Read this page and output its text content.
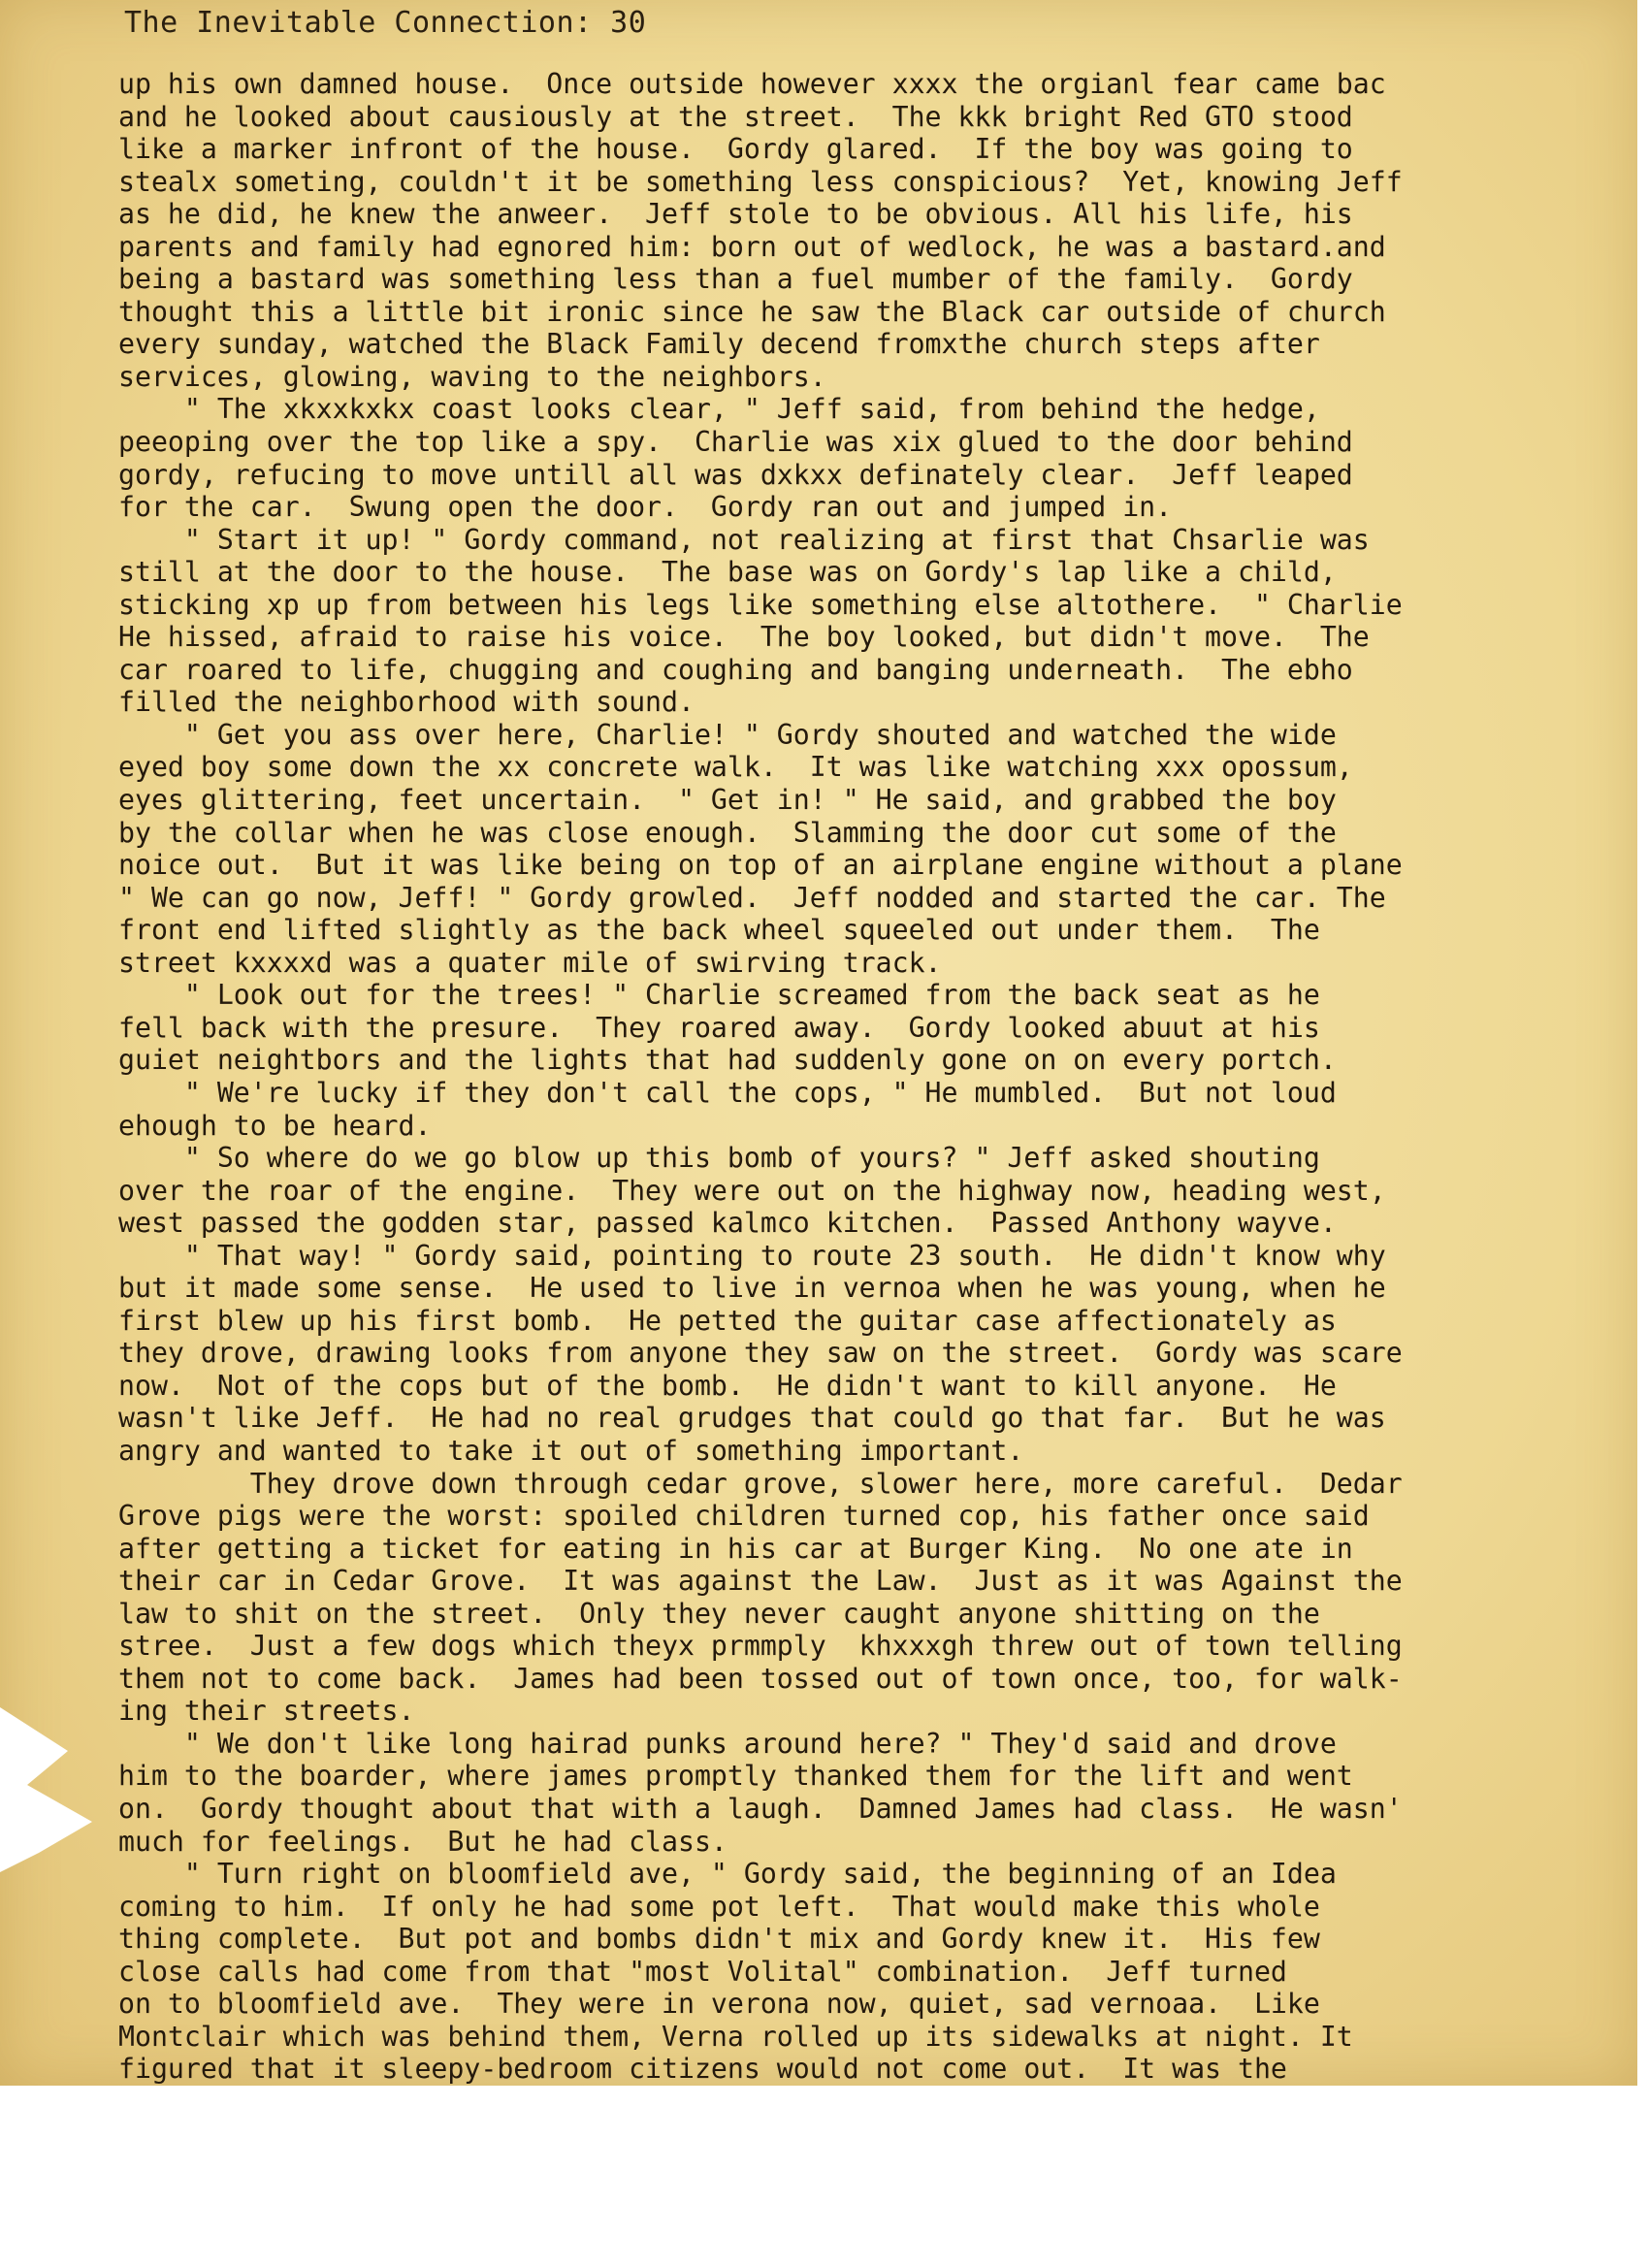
The Inevitable Connection: 30

up his own damned house.  Once outside however xxxx the orgianl fear came bac
and he looked about causiously at the street.  The kkk bright Red GTO stood
like a marker infront of the house.  Gordy glared.  If the boy was going to
stealx someting, couldn't it be something less conspicious?  Yet, knowing Jeff
as he did, he knew the anweer.  Jeff stole to be obvious. All his life, his
parents and family had egnored him: born out of wedlock, he was a bastard.and
being a bastard was something less than a fuel mumber of the family.  Gordy
thought this a little bit ironic since he saw the Black car outside of church
every sunday, watched the Black Family decend fromxthe church steps after
services, glowing, waving to the neighbors.
" The xkxxkxkx coast looks clear, " Jeff said, from behind the hedge,
peeoping over the top like a spy.  Charlie was xix glued to the door behind
gordy, refucing to move untill all was dxkxx definately clear.  Jeff leaped
for the car.  Swung open the door.  Gordy ran out and jumped in.
" Start it up! " Gordy command, not realizing at first that Chsarlie was
still at the door to the house.  The base was on Gordy's lap like a child,
sticking xp up from between his legs like something else altothere.  " Charlie
He hissed, afraid to raise his voice.  The boy looked, but didn't move.  The
car roared to life, chugging and coughing and banging underneath.  The ebho
filled the neighborhood with sound.
" Get you ass over here, Charlie! " Gordy shouted and watched the wide
eyed boy some down the xx concrete walk.  It was like watching xxx opossum,
eyes glittering, feet uncertain.  " Get in! " He said, and grabbed the boy
by the collar when he was close enough.  Slamming the door cut some of the
noice out.  But it was like being on top of an airplane engine without a plane
" We can go now, Jeff! " Gordy growled.  Jeff nodded and started the car. The
front end lifted slightly as the back wheel squeeled out under them.  The
street kxxxxd was a quater mile of swirving track.
" Look out for the trees! " Charlie screamed from the back seat as he
fell back with the presure.  They roared away.  Gordy looked abuut at his
guiet neightbors and the lights that had suddenly gone on on every portch.
" We're lucky if they don't call the cops, " He mumbled.  But not loud
ehough to be heard.
" So where do we go blow up this bomb of yours? " Jeff asked shouting
over the roar of the engine.  They were out on the highway now, heading west,
west passed the godden star, passed kalmco kitchen.  Passed Anthony wayve.
" That way! " Gordy said, pointing to route 23 south.  He didn't know why
but it made some sense.  He used to live in vernoa when he was young, when he
first blew up his first bomb.  He petted the guitar case affectionately as
they drove, drawing looks from anyone they saw on the street.  Gordy was scare
now.  Not of the cops but of the bomb.  He didn't want to kill anyone.  He
wasn't like Jeff.  He had no real grudges that could go that far.  But he was
angry and wanted to take it out of something important.
They drove down through cedar grove, slower here, more careful.  Dedar
Grove pigs were the worst: spoiled children turned cop, his father once said
after getting a ticket for eating in his car at Burger King.  No one ate in
their car in Cedar Grove.  It was against the Law.  Just as it was Against the
law to shit on the street.  Only they never caught anyone shitting on the
stree.  Just a few dogs which theyx prmmply  khxxxgh threw out of town telling
them not to come back.  James had been tossed out of town once, too, for walk-
ing their streets.
" We don't like long hairad punks around here? " They'd said and drove
him to the boarder, where james promptly thanked them for the lift and went
on.  Gordy thought about that with a laugh.  Damned James had class.  He wasn'
much for feelings.  But he had class.
" Turn right on bloomfield ave, " Gordy said, the beginning of an Idea
coming to him.  If only he had some pot left.  That would make this whole
thing complete.  But pot and bombs didn't mix and Gordy knew it.  His few
close calls had come from that "most Volital" combination.  Jeff turned
on to bloomfield ave.  They were in verona now, quiet, sad vernoaa.  Like
Montclair which was behind them, Verna rolled up its sidewalks at night. It
figured that it sleepy-bedroom citizens would not come out.  It was the
